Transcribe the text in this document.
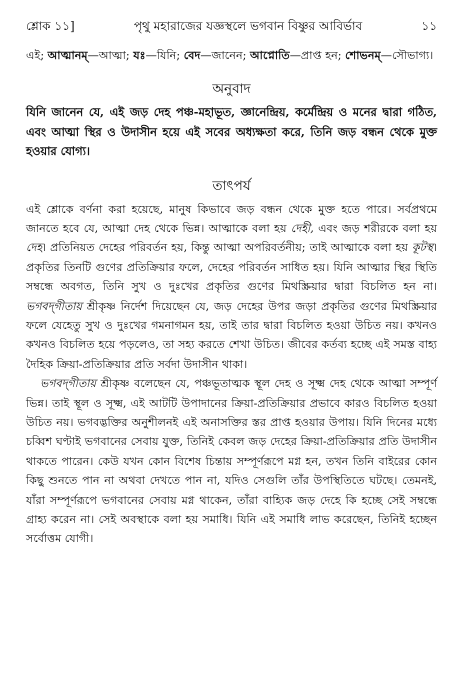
শ্লোক ১১]	পৃথু মহারাজের যজ্ঞস্থলে ভগবান বিষ্ণুর আবির্ভাব	১১
এই; আত্মানম্‌—আত্মা; যঃ—যিনি; বেদ—জানেন; আপ্নোতি—প্রাপ্ত হন; শোভনম্‌—সৌভাগ্য।
অনুবাদ

যিনি জানেন যে, এই জড় দেহ পঞ্চ-মহাভূত, জ্ঞানেন্দ্রিয়, কর্মেন্দ্রিয় ও মনের দ্বারা গঠিত, এবং আত্মা স্থির ও উদাসীন হয়ে এই সবের অধ্যক্ষতা করে, তিনি জড় বন্ধন থেকে মুক্ত হওয়ার যোগ্য।

তাৎপর্য

এই শ্লোকে বর্ণনা করা হয়েছে, মানুষ কিভাবে জড় বন্ধন থেকে মুক্ত হতে পারে। সর্বপ্রথমে জানতে হবে যে, আত্মা দেহ থেকে ভিন্ন। আত্মাকে বলা হয় দেহী, এবং জড় শরীরকে বলা হয় দেহ। প্রতিনিয়ত দেহের পরিবর্তন হয়, কিন্তু আত্মা অপরিবর্তনীয়; তাই আত্মাকে বলা হয় কূটস্থ। প্রকৃতির তিনটি গুণের প্রতিক্রিয়ার ফলে, দেহের পরিবর্তন সাধিত হয়। যিনি আত্মার স্থির স্থিতি সম্বন্ধে অবগত, তিনি সুখ ও দুঃখের প্রকৃতির গুণের মিথস্ক্রিয়ার দ্বারা বিচলিত হন না। ভগবদ্‌গীতায় শ্রীকৃষ্ণ নির্দেশ দিয়েছেন যে, জড় দেহের উপর জড়া প্রকৃতির গুণের মিথস্ক্রিয়ার ফলে যেহেতু সুখ ও দুঃখের গমনাগমন হয়, তাই তার দ্বারা বিচলিত হওয়া উচিত নয়। কখনও কখনও বিচলিত হয়ে পড়লেও, তা সহ্য করতে শেখা উচিত। জীবের কর্তব্য হচ্ছে এই সমস্ত বাহ্য দৈহিক ক্রিয়া-প্রতিক্রিয়ার প্রতি সর্বদা উদাসীন থাকা।

ভগবদ্‌গীতায় শ্রীকৃষ্ণ বলেছেন যে, পঞ্চভূতাত্মক স্থূল দেহ ও সূক্ষ্ম দেহ থেকে আত্মা সম্পূর্ণ ভিন্ন। তাই স্থূল ও সূক্ষ্ম, এই আটটি উপাদানের ক্রিয়া-প্রতিক্রিয়ার প্রভাবে কারও বিচলিত হওয়া উচিত নয়। ভগবদ্ভক্তির অনুশীলনই এই অনাসক্তির স্তর প্রাপ্ত হওয়ার উপায়। যিনি দিনের মধ্যে চব্বিশ ঘণ্টাই ভগবানের সেবায় যুক্ত, তিনিই কেবল জড় দেহের ক্রিয়া-প্রতিক্রিয়ার প্রতি উদাসীন থাকতে পারেন। কেউ যখন কোন বিশেষ চিন্তায় সম্পূর্ণরূপে মগ্ন হন, তখন তিনি বাইরের কোন কিছু শুনতে পান না অথবা দেখতে পান না, যদিও সেগুলি তাঁর উপস্থিতিতে ঘটছে। তেমনই, যাঁরা সম্পূর্ণরূপে ভগবানের সেবায় মগ্ন থাকেন, তাঁরা বাহ্যিক জড় দেহে কি হচ্ছে সেই সম্বন্ধে গ্রাহ্য করেন না। সেই অবস্থাকে বলা হয় সমাধি। যিনি এই সমাধি লাভ করেছেন, তিনিই হচ্ছেন সর্বোত্তম যোগী।
